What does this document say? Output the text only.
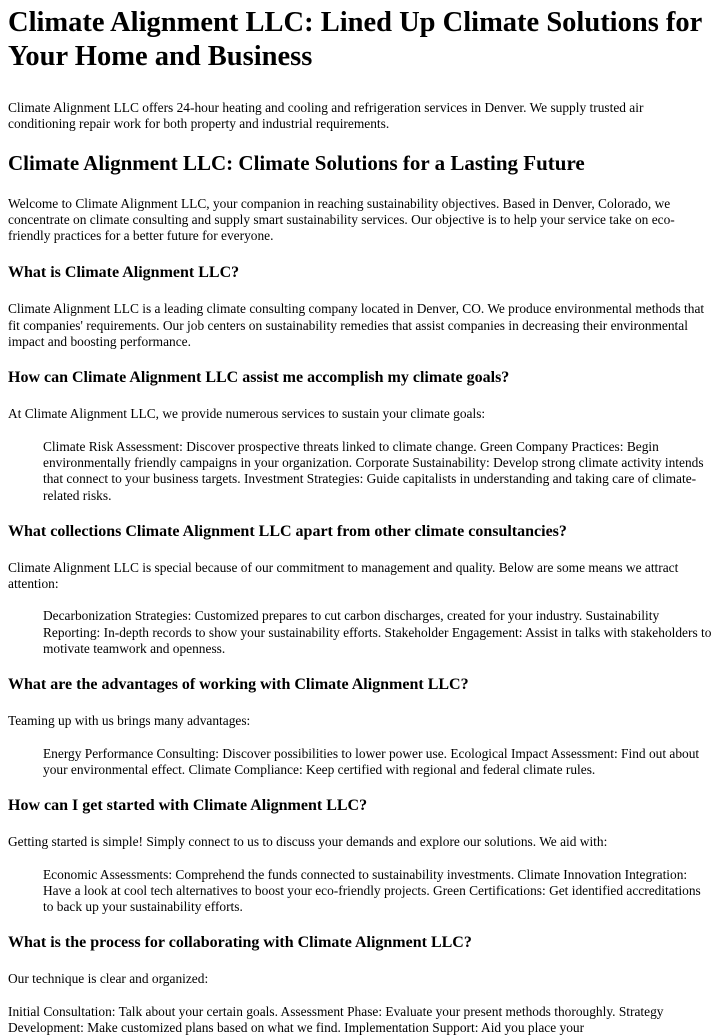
Climate Alignment LLC: Lined Up Climate Solutions for Your Home and Business

Climate Alignment LLC offers 24-hour heating and cooling and refrigeration services in Denver. We supply trusted air conditioning repair work for both property and industrial requirements.

Climate Alignment LLC: Climate Solutions for a Lasting Future

Welcome to Climate Alignment LLC, your companion in reaching sustainability objectives. Based in Denver, Colorado, we concentrate on climate consulting and supply smart sustainability services. Our objective is to help your service take on eco-friendly practices for a better future for everyone.

What is Climate Alignment LLC?

Climate Alignment LLC is a leading climate consulting company located in Denver, CO. We produce environmental methods that fit companies' requirements. Our job centers on sustainability remedies that assist companies in decreasing their environmental impact and boosting performance.

How can Climate Alignment LLC assist me accomplish my climate goals?

At Climate Alignment LLC, we provide numerous services to sustain your climate goals:

Climate Risk Assessment: Discover prospective threats linked to climate change. Green Company Practices: Begin environmentally friendly campaigns in your organization. Corporate Sustainability: Develop strong climate activity intends that connect to your business targets. Investment Strategies: Guide capitalists in understanding and taking care of climate-related risks.

What collections Climate Alignment LLC apart from other climate consultancies?

Climate Alignment LLC is special because of our commitment to management and quality. Below are some means we attract attention:

Decarbonization Strategies: Customized prepares to cut carbon discharges, created for your industry. Sustainability Reporting: In-depth records to show your sustainability efforts. Stakeholder Engagement: Assist in talks with stakeholders to motivate teamwork and openness.

What are the advantages of working with Climate Alignment LLC?

Teaming up with us brings many advantages:

Energy Performance Consulting: Discover possibilities to lower power use. Ecological Impact Assessment: Find out about your environmental effect. Climate Compliance: Keep certified with regional and federal climate rules.

How can I get started with Climate Alignment LLC?

Getting started is simple! Simply connect to us to discuss your demands and explore our solutions. We aid with:

Economic Assessments: Comprehend the funds connected to sustainability investments. Climate Innovation Integration: Have a look at cool tech alternatives to boost your eco-friendly projects. Green Certifications: Get identified accreditations to back up your sustainability efforts.

What is the process for collaborating with Climate Alignment LLC?

Our technique is clear and organized:

Initial Consultation: Talk about your certain goals. Assessment Phase: Evaluate your present methods thoroughly. Strategy Development: Make customized plans based on what we find. Implementation Support: Aid you place your
